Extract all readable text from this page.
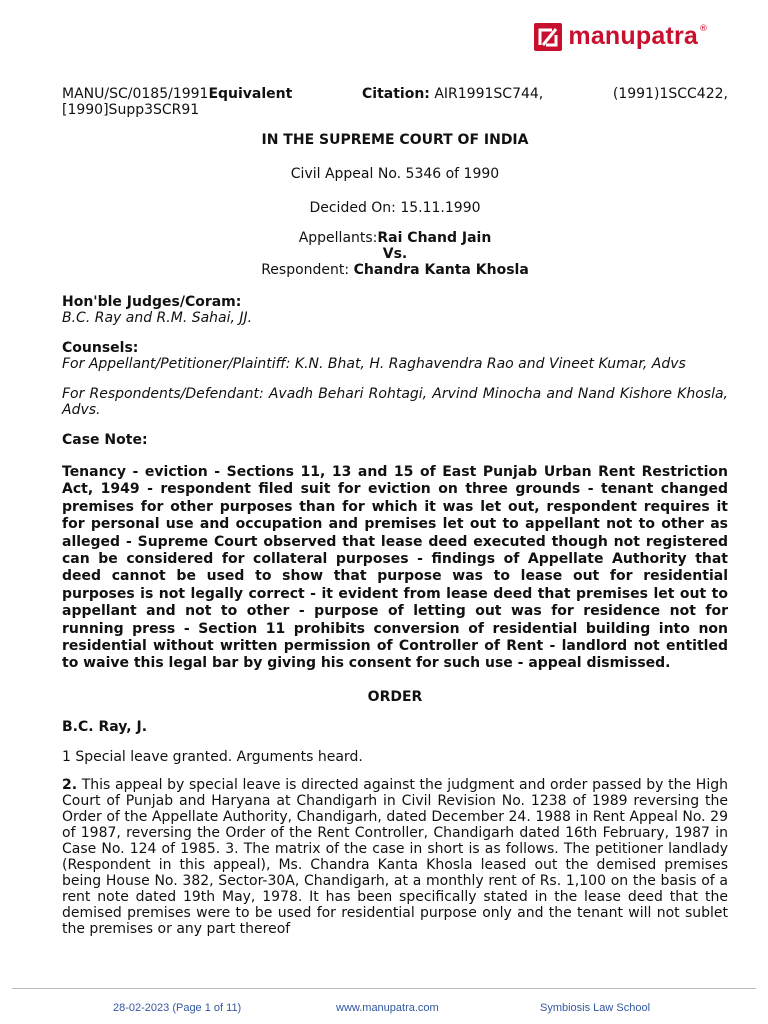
manupatra ®
MANU/SC/0185/1991Equivalent	Citation: AIR1991SC744,	(1991)1SCC422,
[1990]Supp3SCR91
IN THE SUPREME COURT OF INDIA
Civil Appeal No. 5346 of 1990
Decided On: 15.11.1990
Appellants:Rai Chand Jain
Vs.
Respondent: Chandra Kanta Khosla
Hon'ble Judges/Coram:
B.C. Ray and R.M. Sahai, JJ.
Counsels:
For Appellant/Petitioner/Plaintiff: K.N. Bhat, H. Raghavendra Rao and Vineet Kumar, Advs
For Respondents/Defendant: Avadh Behari Rohtagi, Arvind Minocha and Nand Kishore Khosla, Advs.
Case Note:
Tenancy - eviction - Sections 11, 13 and 15 of East Punjab Urban Rent Restriction Act, 1949 - respondent filed suit for eviction on three grounds - tenant changed premises for other purposes than for which it was let out, respondent requires it for personal use and occupation and premises let out to appellant not to other as alleged - Supreme Court observed that lease deed executed though not registered can be considered for collateral purposes - findings of Appellate Authority that deed cannot be used to show that purpose was to lease out for residential purposes is not legally correct - it evident from lease deed that premises let out to appellant and not to other - purpose of letting out was for residence not for running press - Section 11 prohibits conversion of residential building into non residential without written permission of Controller of Rent - landlord not entitled to waive this legal bar by giving his consent for such use - appeal dismissed.
ORDER
B.C. Ray, J.
1 Special leave granted. Arguments heard.
2. This appeal by special leave is directed against the judgment and order passed by the High Court of Punjab and Haryana at Chandigarh in Civil Revision No. 1238 of 1989 reversing the Order of the Appellate Authority, Chandigarh, dated December 24. 1988 in Rent Appeal No. 29 of 1987, reversing the Order of the Rent Controller, Chandigarh dated 16th February, 1987 in Case No. 124 of 1985. 3. The matrix of the case in short is as follows. The petitioner landlady (Respondent in this appeal), Ms. Chandra Kanta Khosla leased out the demised premises being House No. 382, Sector-30A, Chandigarh, at a monthly rent of Rs. 1,100 on the basis of a rent note dated 19th May, 1978. It has been specifically stated in the lease deed that the demised premises were to be used for residential purpose only and the tenant will not sublet the premises or any part thereof
28-02-2023 (Page 1 of 11)	www.manupatra.com	Symbiosis Law School
